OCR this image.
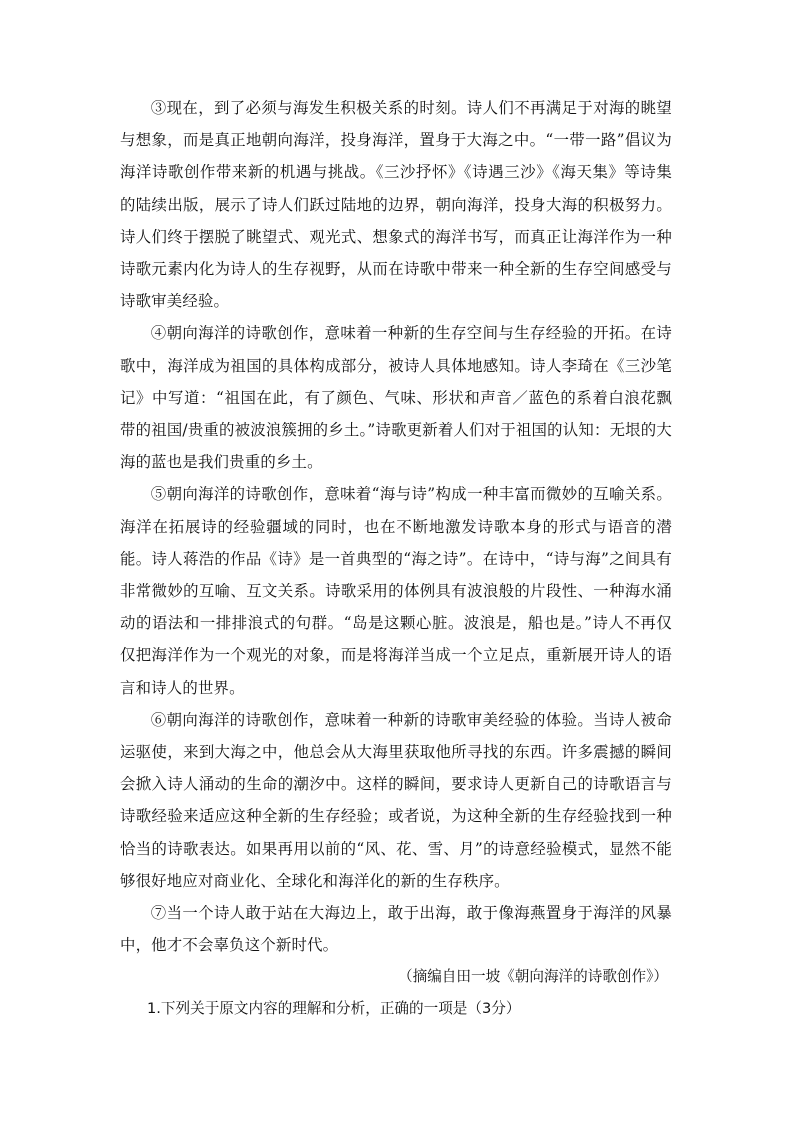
③现在，到了必须与海发生积极关系的时刻。诗人们不再满足于对海的眺望与想象，而是真正地朝向海洋，投身海洋，置身于大海之中。“一带一路”倡议为海洋诗歌创作带来新的机遇与挑战。《三沙抒怀》《诗遇三沙》《海天集》等诗集的陆续出版，展示了诗人们跃过陆地的边界，朝向海洋，投身大海的积极努力。诗人们终于摆脱了眺望式、观光式、想象式的海洋书写，而真正让海洋作为一种诗歌元素内化为诗人的生存视野，从而在诗歌中带来一种全新的生存空间感受与诗歌审美经验。

④朝向海洋的诗歌创作，意味着一种新的生存空间与生存经验的开拓。在诗歌中，海洋成为祖国的具体构成部分，被诗人具体地感知。诗人李琦在《三沙笔记》中写道：“祖国在此，有了颜色、气味、形状和声音／蓝色的系着白浪花飘带的祖国/贵重的被波浪簇拥的乡土。”诗歌更新着人们对于祖国的认知：无垠的大海的蓝也是我们贵重的乡土。

⑤朝向海洋的诗歌创作，意味着“海与诗”构成一种丰富而微妙的互喻关系。海洋在拓展诗的经验疆域的同时，也在不断地激发诗歌本身的形式与语音的潜能。诗人蒋浩的作品《诗》是一首典型的“海之诗”。在诗中，“诗与海”之间具有非常微妙的互喻、互文关系。诗歌采用的体例具有波浪般的片段性、一种海水涌动的语法和一排排浪式的句群。“岛是这颗心脏。波浪是，船也是。”诗人不再仅仅把海洋作为一个观光的对象，而是将海洋当成一个立足点，重新展开诗人的语言和诗人的世界。

⑥朝向海洋的诗歌创作，意味着一种新的诗歌审美经验的体验。当诗人被命运驱使，来到大海之中，他总会从大海里获取他所寻找的东西。许多震撼的瞬间会掀入诗人涌动的生命的潮汐中。这样的瞬间，要求诗人更新自己的诗歌语言与诗歌经验来适应这种全新的生存经验；或者说，为这种全新的生存经验找到一种恰当的诗歌表达。如果再用以前的“风、花、雪、月”的诗意经验模式，显然不能够很好地应对商业化、全球化和海洋化的新的生存秩序。

⑦当一个诗人敢于站在大海边上，敢于出海，敢于像海燕置身于海洋的风暴中，他才不会辜负这个新时代。

（摘编自田一坡《朝向海洋的诗歌创作》）

1.下列关于原文内容的理解和分析，正确的一项是（3分）
